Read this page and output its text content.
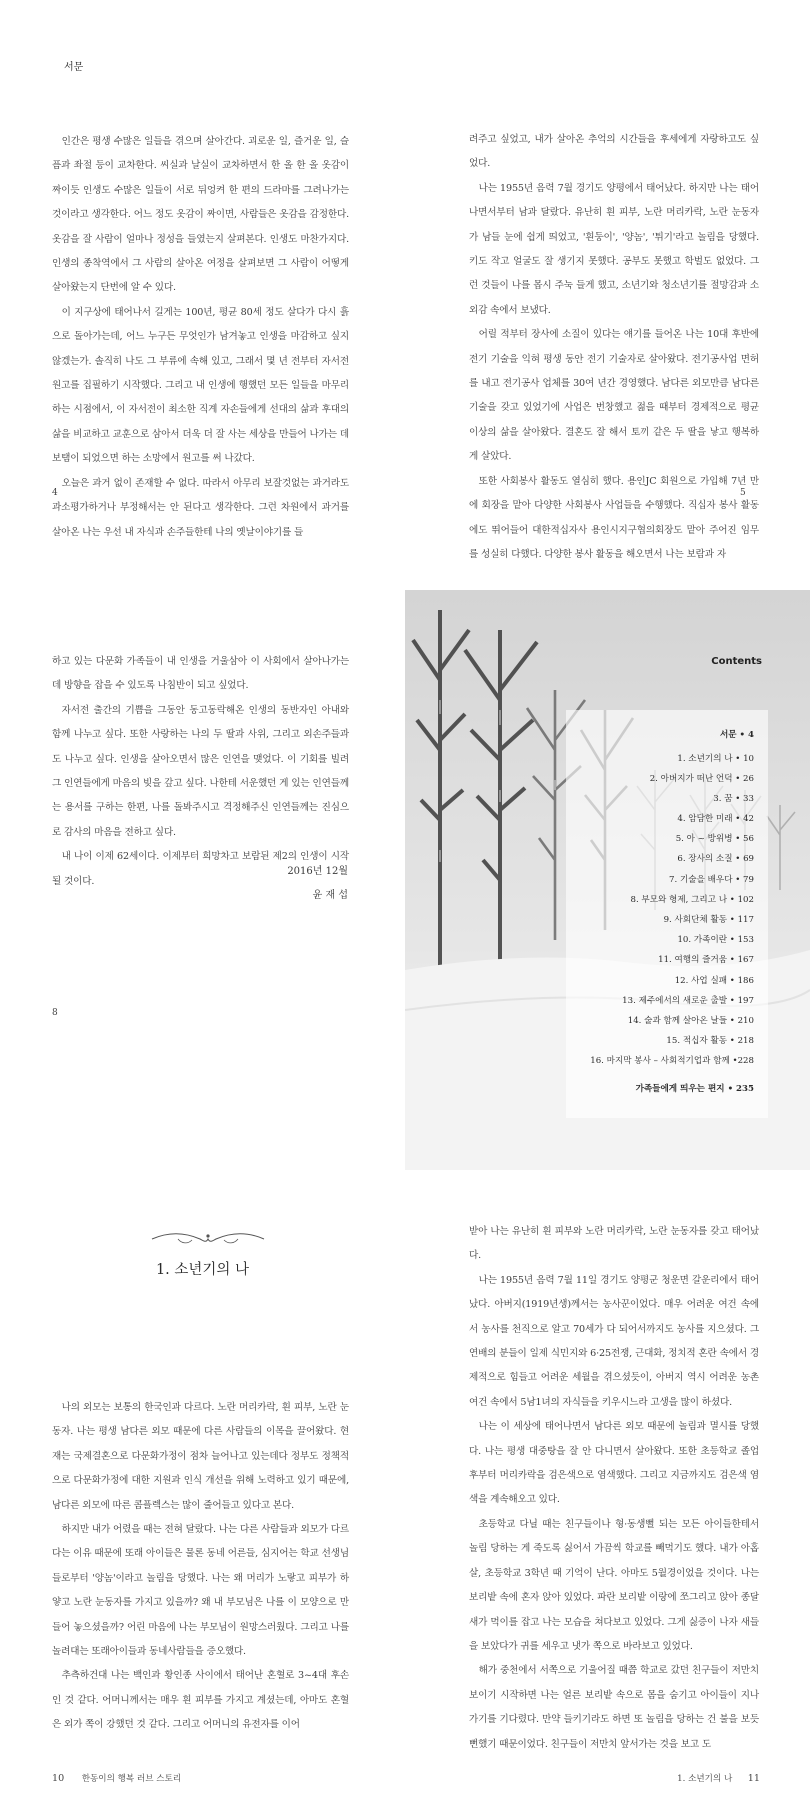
서문

인간은 평생 수많은 일들을 겪으며 살아간다. 괴로운 일, 즐거운 일, 슬픔과 좌절 등이 교차한다. 씨실과 날실이 교차하면서 한 올 한 올 옷감이 짜이듯 인생도 수많은 일들이 서로 뒤엉켜 한 편의 드라마를 그려나가는 것이라고 생각한다. 어느 정도 옷감이 짜이면, 사람들은 옷감을 감정한다. 옷감을 잘 사람이 얼마나 정성을 들였는지 살펴본다. 인생도 마찬가지다. 인생의 종착역에서 그 사람의 살아온 여정을 살펴보면 그 사람이 어떻게 살아왔는지 단번에 알 수 있다.

이 지구상에 태어나서 길게는 100년, 평균 80세 정도 살다가 다시 흙으로 돌아가는데, 어느 누구든 무엇인가 남겨놓고 인생을 마감하고 싶지 않겠는가. 솔직히 나도 그 부류에 속해 있고, 그래서 몇 년 전부터 자서전 원고를 집필하기 시작했다. 그리고 내 인생에 행했던 모든 일들을 마무리하는 시점에서, 이 자서전이 최소한 직계 자손들에게 선대의 삶과 후대의 삶을 비교하고 교훈으로 삼아서 더욱 더 잘 사는 세상을 만들어 나가는 데 보탬이 되었으면 하는 소망에서 원고를 써 나갔다.

오늘은 과거 없이 존재할 수 없다. 따라서 아무리 보잘것없는 과거라도 과소평가하거나 부정해서는 안 된다고 생각한다. 그런 차원에서 과거를 살아온 나는 우선 내 자식과 손주들한테 나의 옛날이야기를 들

려주고 싶었고, 내가 살아온 추억의 시간들을 후세에게 자랑하고도 싶었다.

나는 1955년 음력 7월 경기도 양평에서 태어났다. 하지만 나는 태어나면서부터 남과 달랐다. 유난히 흰 피부, 노란 머리카락, 노란 눈동자가 남들 눈에 쉽게 띄었고, '흰둥이', '양놈', '튀기'라고 놀림을 당했다. 키도 작고 얼굴도 잘 생기지 못했다. 공부도 못했고 학벌도 없었다. 그런 것들이 나를 몹시 주눅 들게 했고, 소년기와 청소년기를 절망감과 소외감 속에서 보냈다.

어릴 적부터 장사에 소질이 있다는 얘기를 들어온 나는 10대 후반에 전기 기술을 익혀 평생 동안 전기 기술자로 살아왔다. 전기공사업 면허를 내고 전기공사 업체를 30여 년간 경영했다. 남다른 외모만큼 남다른 기술을 갖고 있었기에 사업은 번창했고 젊을 때부터 경제적으로 평균 이상의 삶을 살아왔다. 결혼도 잘 해서 토끼 같은 두 딸을 낳고 행복하게 살았다.

또한 사회봉사 활동도 열심히 했다. 용인JC 회원으로 가입해 7년 만에 회장을 맡아 다양한 사회봉사 사업들을 수행했다. 직십자 봉사 활동에도 뛰어들어 대한적십자사 용인시지구협의회장도 맡아 주어진 임무를 성실히 다했다. 다양한 봉사 활동을 해오면서 나는 보람과 자

4	5

하고 있는 다문화 가족들이 내 인생을 거울삼아 이 사회에서 살아나가는 데 방향을 잡을 수 있도록 나침반이 되고 싶었다.

자서전 출간의 기쁨을 그동안 동고동락해온 인생의 동반자인 아내와 함께 나누고 싶다. 또한 사랑하는 나의 두 딸과 사위, 그리고 외손주들과도 나누고 싶다. 인생을 살아오면서 많은 인연을 맺었다. 이 기회를 빌려 그 인연들에게 마음의 빚을 갚고 싶다. 나한테 서운했던 게 있는 인연들께는 용서를 구하는 한편, 나를 돌봐주시고 격정해주신 인연들께는 진심으로 감사의 마음을 전하고 싶다.

내 나이 이제 62세이다. 이제부터 희망차고 보람된 제2의 인생이 시작될 것이다.

2016년 12월
윤 재 섭
8
Contents
서문 • 4
1. 소년기의 나 • 10
2. 아버지가 떠난 언덕 • 26
3. 꿈 • 33
4. 암담한 미래 • 42
5. 아 ~ 방위병 • 56
6. 장사의 소질 • 69
7. 기술을 배우다 • 79
8. 부모와 형제, 그리고 나 • 102
9. 사회단체 활동 • 117
10. 가족이란 • 153
11. 여행의 즐거움 • 167
12. 사업 실패 • 186
13. 제주에서의 새로운 출발 • 197
14. 술과 함께 살아온 날들 • 210
15. 적십자 활동 • 218
16. 마지막 봉사 – 사회적기업과 함께 •228
가족들에게 띄우는 편지 • 235
1. 소년기의 나

나의 외모는 보통의 한국인과 다르다. 노란 머리카락, 흰 피부, 노란 눈동자. 나는 평생 남다른 외모 때문에 다른 사람들의 이목을 끌어왔다. 현재는 국제결혼으로 다문화가정이 점차 늘어나고 있는데다 정부도 정책적으로 다문화가정에 대한 지원과 인식 개선을 위해 노력하고 있기 때문에, 남다른 외모에 따른 콤플렉스는 많이 줄어들고 있다고 본다.

하지만 내가 어렸을 때는 전혀 달랐다. 나는 다른 사람들과 외모가 다르다는 이유 때문에 또래 아이들은 물론 동네 어른들, 심지어는 학교 선생님들로부터 '양놈'이라고 놀림을 당했다. 나는 왜 머리가 노랗고 피부가 하얗고 노란 눈동자를 가지고 있을까? 왜 내 부모님은 나를 이 모양으로 만들어 놓으셨을까? 어린 마음에 나는 부모님이 원망스러웠다. 그리고 나를 놀려대는 또래아이들과 동네사람들을 증오했다.

추측하건대 나는 백인과 황인종 사이에서 태어난 혼혈로 3~4대 후손인 것 같다. 어머니께서는 매우 흰 피부를 가지고 계셨는데, 아마도 혼혈은 외가 쪽이 강했던 것 같다. 그리고 어머니의 유전자를 이어

받아 나는 유난히 흰 피부와 노란 머리카락, 노란 눈동자를 갖고 태어났다.

나는 1955년 음력 7월 11일 경기도 양평군 청운면 갈운리에서 태어났다. 아버지(1919년생)께서는 농사꾼이었다. 매우 어려운 여건 속에서 농사를 천직으로 알고 70세가 다 되어서까지도 농사를 지으셨다. 그 연배의 분들이 일제 식민지와 6·25전쟁, 근대화, 정치적 혼란 속에서 경제적으로 힘들고 어려운 세월을 겪으셨듯이, 아버지 역시 어려운 농촌 여건 속에서 5남1녀의 자식들을 키우시느라 고생을 많이 하셨다.

나는 이 세상에 태어나면서 남다른 외모 때문에 놀림과 멸시를 당했다. 나는 평생 대중탕을 잘 안 다니면서 살아왔다. 또한 초등학교 졸업 후부터 머리카락을 검은색으로 염색했다. 그리고 지금까지도 검은색 염색을 계속해오고 있다.

초등학교 다닐 때는 친구들이나 형·동생뻘 되는 모든 아이들한테서 놀림 당하는 게 죽도록 싫어서 가끔씩 학교를 빼먹기도 했다. 내가 아홉 살, 초등학교 3학년 때 기억이 난다. 아마도 5월경이었을 것이다. 나는 보리밭 속에 혼자 앉아 있었다. 파란 보리밭 이랑에 쪼그리고 앉아 종달새가 먹이를 잡고 나는 모습을 쳐다보고 있었다. 그게 싫증이 나자 새들을 보았다가 귀를 세우고 냇가 쪽으로 바라보고 있었다.

해가 중천에서 서쪽으로 기울어질 때쯤 학교로 갔던 친구들이 저만치 보이기 시작하면 나는 얼른 보리밭 속으로 몸을 숨기고 아이들이 지나가기를 기다렸다. 만약 들키기라도 하면 또 놀림을 당하는 건 불을 보듯 뻔했기 때문이었다. 친구들이 저만치 앞서가는 것을 보고 도

10 한동이의 행복 러브 스토리	1. 소년기의 나 11
